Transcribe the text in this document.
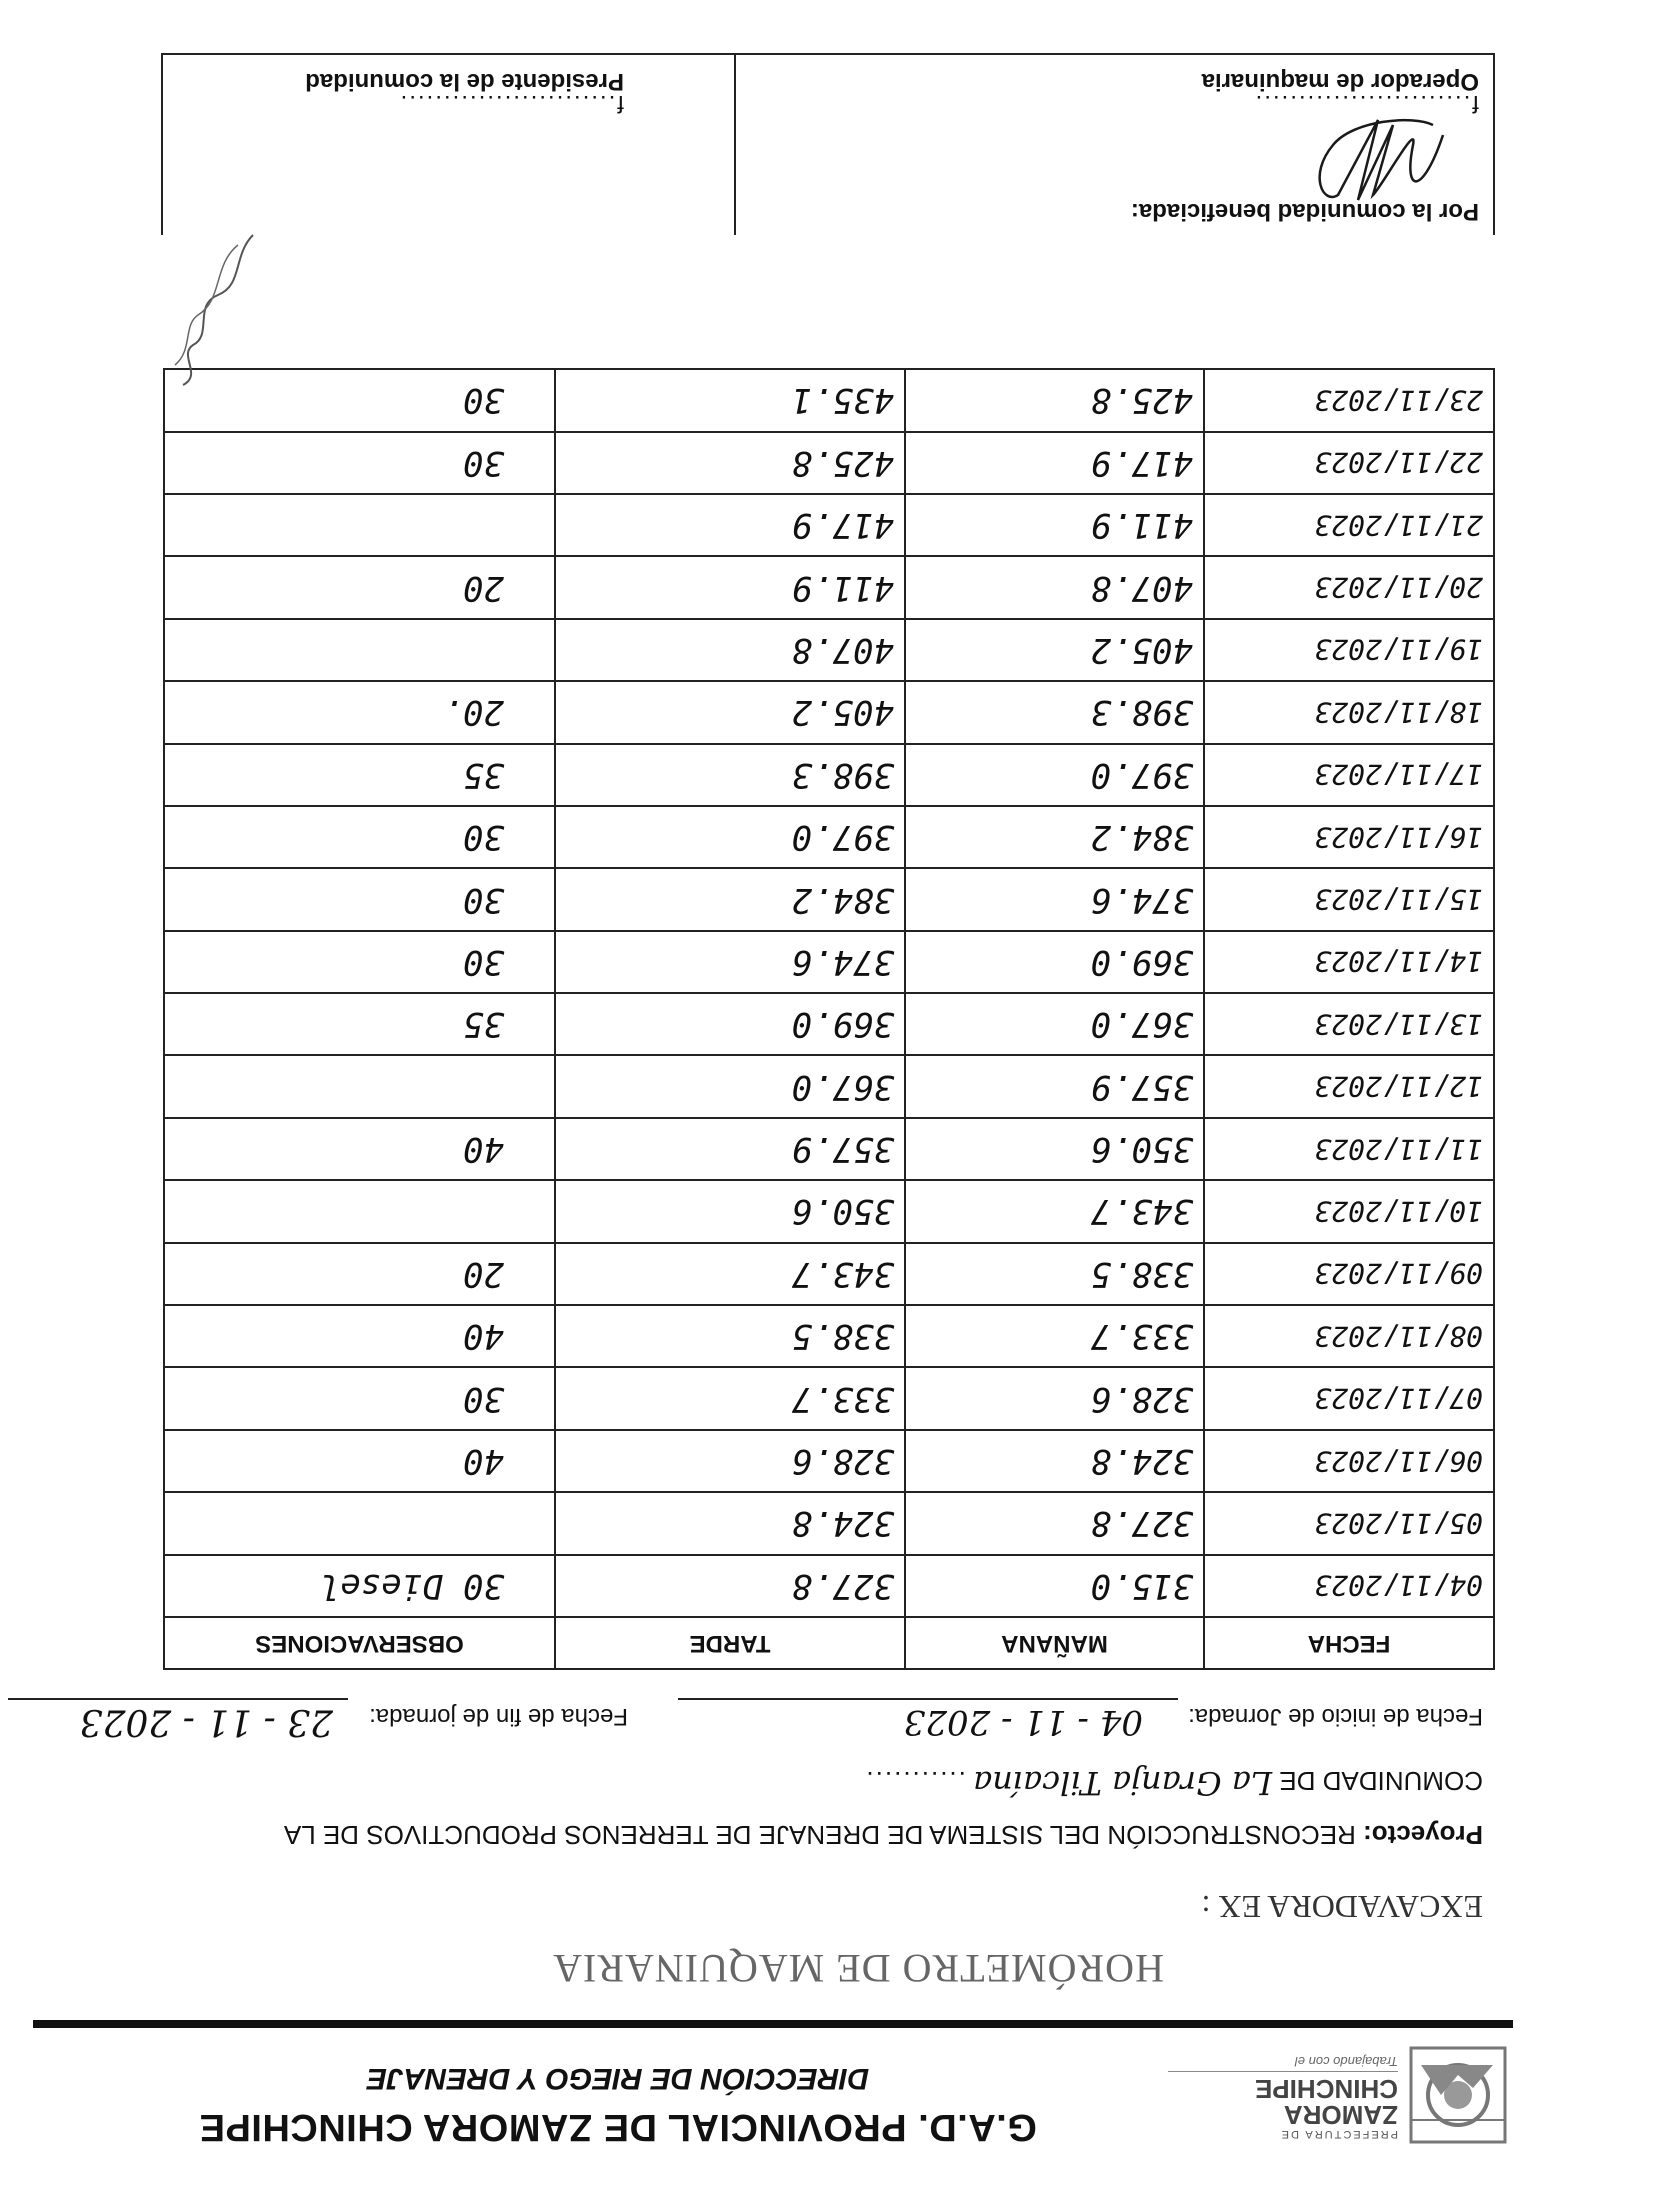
PREFECTURA DE
ZAMORA
CHINCHIPE
Trabajando con el
G.A.D. PROVINCIAL DE ZAMORA CHINCHIPE
DIRECCIÓN DE RIEGO Y DRENAJE
HORÓMETRO DE MAQUINARIA
EXCAVADORA EX :
Proyecto: RECONSTRUCCIÓN DEL SISTEMA DE DRENAJE DE TERRENOS PRODUCTIVOS DE LA
COMUNIDAD DE La Granja Tilcaína ...........
Fecha de inicio de Jornada:
04 - 11 - 2023
Fecha de fin de jornada:
23 - 11 - 2023
FECHA	MAÑANA	TARDE	OBSERVACIONES
04/11/2023	315.0	327.8	30 Diesel
05/11/2023	327.8	324.8	
06/11/2023	324.8	328.6	40
07/11/2023	328.6	333.7	30
08/11/2023	333.7	338.5	40
09/11/2023	338.5	343.7	20
10/11/2023	343.7	350.6	
11/11/2023	350.6	357.9	40
12/11/2023	357.9	367.0	
13/11/2023	367.0	369.0	35
14/11/2023	369.0	374.6	30
15/11/2023	374.6	384.2	30
16/11/2023	384.2	397.0	30
17/11/2023	397.0	398.3	35
18/11/2023	398.3	405.2	20.
19/11/2023	405.2	407.8	
20/11/2023	407.8	411.9	20
21/11/2023	411.9	417.9	
22/11/2023	417.9	425.8	30
23/11/2023	425.8	435.1	30
Por la comunidad beneficiada:
f.........................
Operador de maquinaria
f.........................
Presidente de la comunidad
